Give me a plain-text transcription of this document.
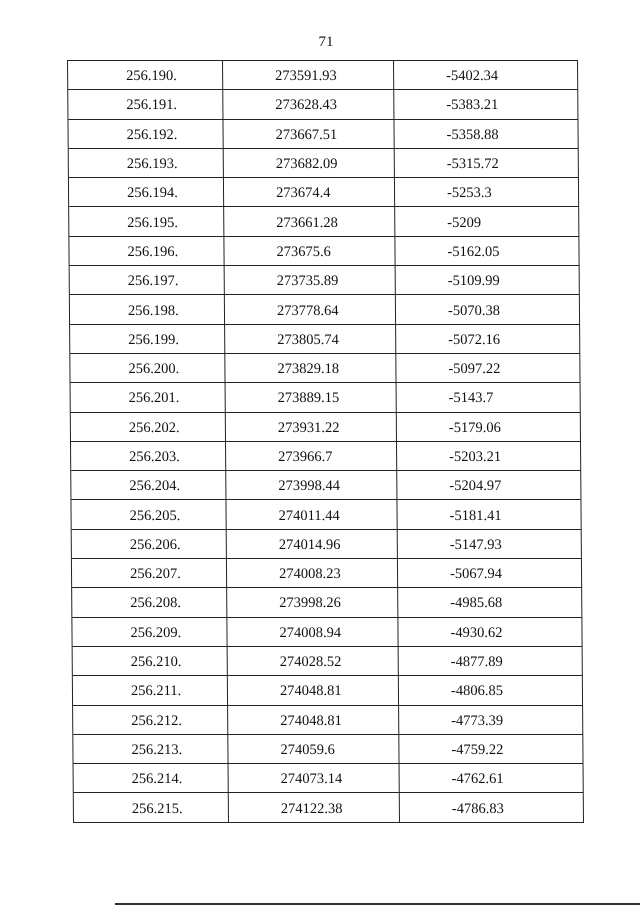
71
256.190.	273591.93	-5402.34
256.191.	273628.43	-5383.21
256.192.	273667.51	-5358.88
256.193.	273682.09	-5315.72
256.194.	273674.4	-5253.3
256.195.	273661.28	-5209
256.196.	273675.6	-5162.05
256.197.	273735.89	-5109.99
256.198.	273778.64	-5070.38
256.199.	273805.74	-5072.16
256.200.	273829.18	-5097.22
256.201.	273889.15	-5143.7
256.202.	273931.22	-5179.06
256.203.	273966.7	-5203.21
256.204.	273998.44	-5204.97
256.205.	274011.44	-5181.41
256.206.	274014.96	-5147.93
256.207.	274008.23	-5067.94
256.208.	273998.26	-4985.68
256.209.	274008.94	-4930.62
256.210.	274028.52	-4877.89
256.211.	274048.81	-4806.85
256.212.	274048.81	-4773.39
256.213.	274059.6	-4759.22
256.214.	274073.14	-4762.61
256.215.	274122.38	-4786.83
